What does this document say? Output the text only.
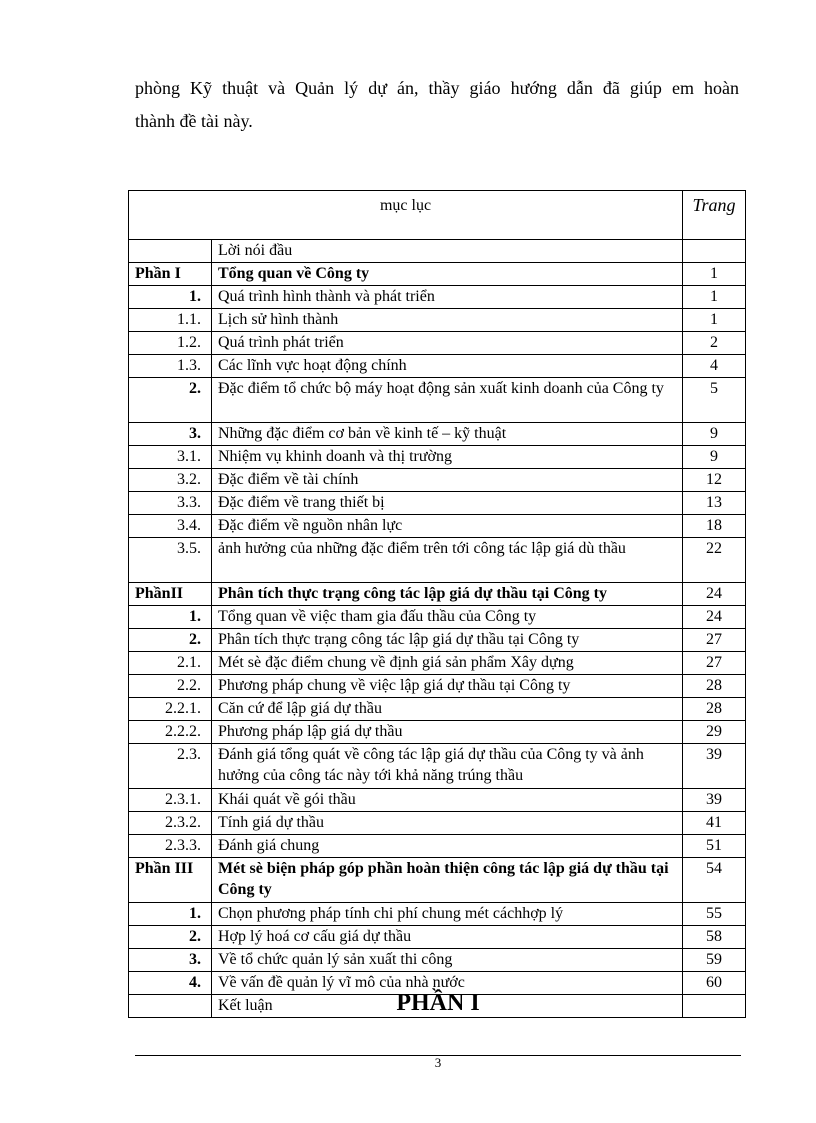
phòng Kỹ thuật và Quản lý dự án, thầy giáo hướng dẫn đã giúp em hoàn
thành đề tài này.
mục lục		Trang
	Lời nói đầu	
Phần I	Tổng quan về Công ty	1
1.	Quá trình hình thành và phát triển	1
1.1.	Lịch sử hình thành	1
1.2.	Quá trình phát triển	2
1.3.	Các lĩnh vực hoạt động chính	4
2.	Đặc điểm tổ chức bộ máy hoạt động sản xuất kinh doanh của Công ty	5
3.	Những đặc điểm cơ bản về kinh tế – kỹ thuật	9
3.1.	Nhiệm vụ khinh doanh và thị trường	9
3.2.	Đặc điểm về tài chính	12
3.3.	Đặc điểm về trang thiết bị	13
3.4.	Đặc điểm về nguồn nhân lực	18
3.5.	ảnh hưởng của những đặc điểm trên tới công tác lập giá dù thầu	22
PhầnII	Phân tích thực trạng công tác lập giá dự thầu tại Công ty	24
1.	Tổng quan về việc tham gia đấu thầu của Công ty	24
2.	Phân tích thực trạng công tác lập giá dự thầu tại Công ty	27
2.1.	Mét sè đặc điểm chung về định giá sản phẩm Xây dựng	27
2.2.	Phương pháp chung về việc lập giá dự thầu tại Công ty	28
2.2.1.	Căn cứ để lập giá dự thầu	28
2.2.2.	Phương pháp lập giá dự thầu	29
2.3.	Đánh giá tổng quát về công tác lập giá dự thầu của Công ty và ảnh hưởng của công tác này tới khả năng trúng thầu	39
2.3.1.	Khái quát về gói thầu	39
2.3.2.	Tính giá dự thầu	41
2.3.3.	Đánh giá chung	51
Phần III	Mét sè biện pháp góp phần hoàn thiện công tác lập giá dự thầu tại Công ty	54
1.	Chọn phương pháp tính chi phí chung mét cáchhợp lý	55
2.	Hợp lý hoá cơ cấu giá dự thầu	58
3.	Về tổ chức quản lý sản xuất thi công	59
4.	Về vấn đề quản lý vĩ mô của nhà nước	60
	Kết luận		PHẦN I
3
